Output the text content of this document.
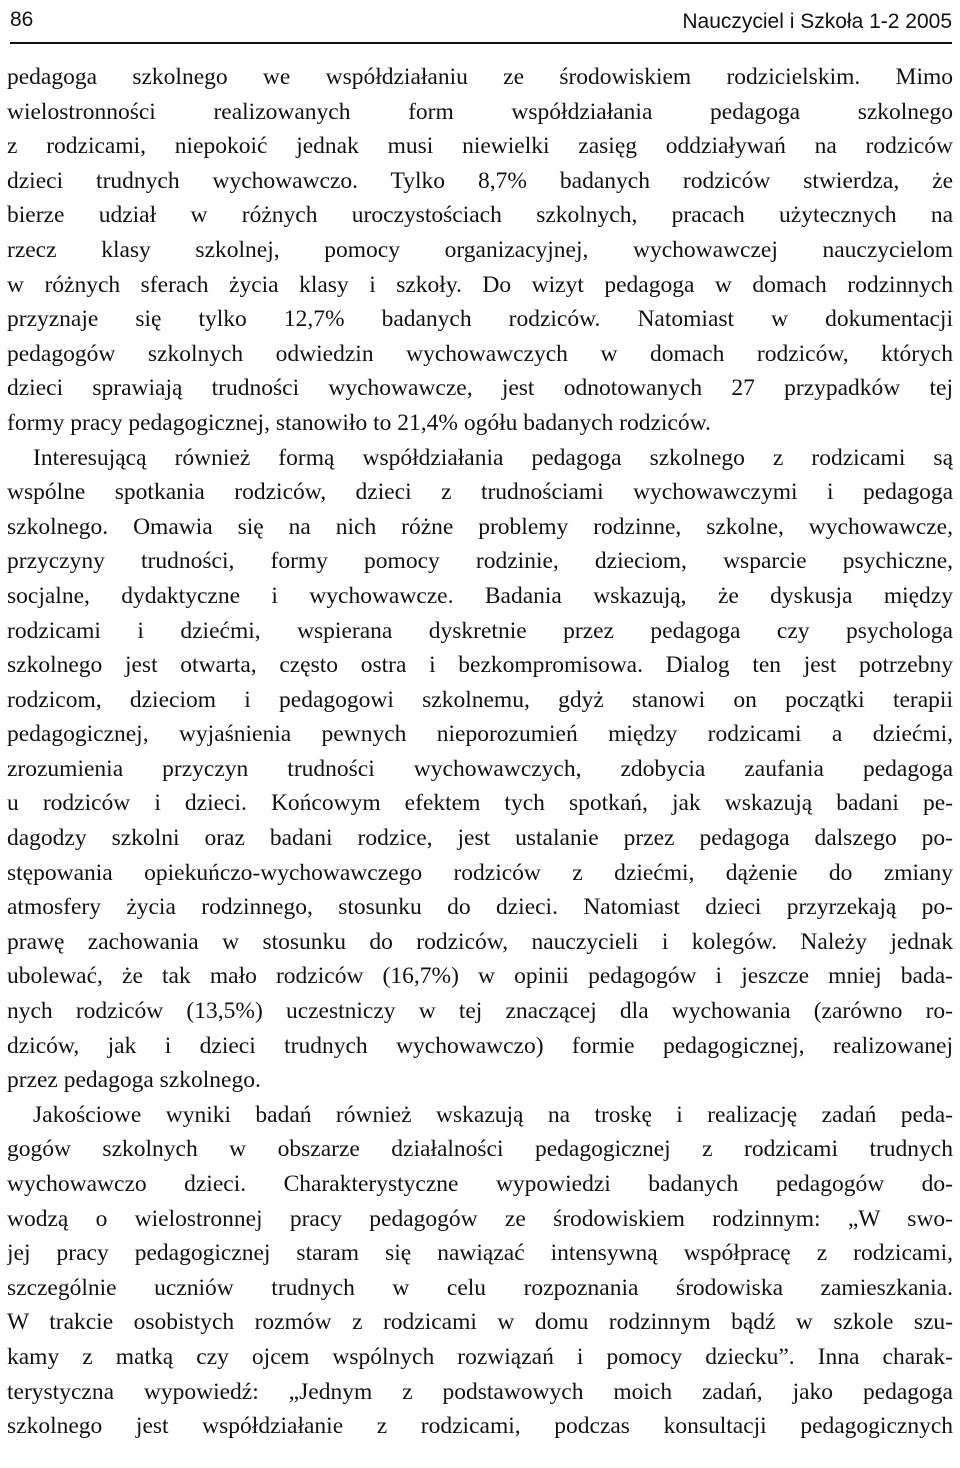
86	Nauczyciel i Szkoła 1-2 2005

pedagoga szkolnego we współdziałaniu ze środowiskiem rodzicielskim. Mimo
wielostronności realizowanych form współdziałania pedagoga szkolnego
z rodzicami, niepokoić jednak musi niewielki zasięg oddziaływań na rodziców
dzieci trudnych wychowawczo. Tylko 8,7% badanych rodziców stwierdza, że
bierze udział w różnych uroczystościach szkolnych, pracach użytecznych na
rzecz klasy szkolnej, pomocy organizacyjnej, wychowawczej nauczycielom
w różnych sferach życia klasy i szkoły. Do wizyt pedagoga w domach rodzinnych
przyznaje się tylko 12,7% badanych rodziców. Natomiast w dokumentacji
pedagogów szkolnych odwiedzin wychowawczych w domach rodziców, których
dzieci sprawiają trudności wychowawcze, jest odnotowanych 27 przypadków tej
formy pracy pedagogicznej, stanowiło to 21,4% ogółu badanych rodziców.

Interesującą również formą współdziałania pedagoga szkolnego z rodzicami są
wspólne spotkania rodziców, dzieci z trudnościami wychowawczymi i pedagoga
szkolnego. Omawia się na nich różne problemy rodzinne, szkolne, wychowawcze,
przyczyny trudności, formy pomocy rodzinie, dzieciom, wsparcie psychiczne,
socjalne, dydaktyczne i wychowawcze. Badania wskazują, że dyskusja między
rodzicami i dziećmi, wspierana dyskretnie przez pedagoga czy psychologa
szkolnego jest otwarta, często ostra i bezkompromisowa. Dialog ten jest potrzebny
rodzicom, dzieciom i pedagogowi szkolnemu, gdyż stanowi on początki terapii
pedagogicznej, wyjaśnienia pewnych nieporozumień między rodzicami a dziećmi,
zrozumienia przyczyn trudności wychowawczych, zdobycia zaufania pedagoga
u rodziców i dzieci. Końcowym efektem tych spotkań, jak wskazują badani pe-
dagodzy szkolni oraz badani rodzice, jest ustalanie przez pedagoga dalszego po-
stępowania opiekuńczo-wychowawczego rodziców z dziećmi, dążenie do zmiany
atmosfery życia rodzinnego, stosunku do dzieci. Natomiast dzieci przyrzekają po-
prawę zachowania w stosunku do rodziców, nauczycieli i kolegów. Należy jednak
ubolewać, że tak mało rodziców (16,7%) w opinii pedagogów i jeszcze mniej bada-
nych rodziców (13,5%) uczestniczy w tej znaczącej dla wychowania (zarówno ro-
dziców, jak i dzieci trudnych wychowawczo) formie pedagogicznej, realizowanej
przez pedagoga szkolnego.

Jakościowe wyniki badań również wskazują na troskę i realizację zadań peda-
gogów szkolnych w obszarze działalności pedagogicznej z rodzicami trudnych
wychowawczo dzieci. Charakterystyczne wypowiedzi badanych pedagogów do-
wodzą o wielostronnej pracy pedagogów ze środowiskiem rodzinnym: „W swo-
jej pracy pedagogicznej staram się nawiązać intensywną współpracę z rodzicami,
szczególnie uczniów trudnych w celu rozpoznania środowiska zamieszkania.
W trakcie osobistych rozmów z rodzicami w domu rodzinnym bądź w szkole szu-
kamy z matką czy ojcem wspólnych rozwiązań i pomocy dziecku”. Inna charak-
terystyczna wypowiedź: „Jednym z podstawowych moich zadań, jako pedagoga
szkolnego jest współdziałanie z rodzicami, podczas konsultacji pedagogicznych
